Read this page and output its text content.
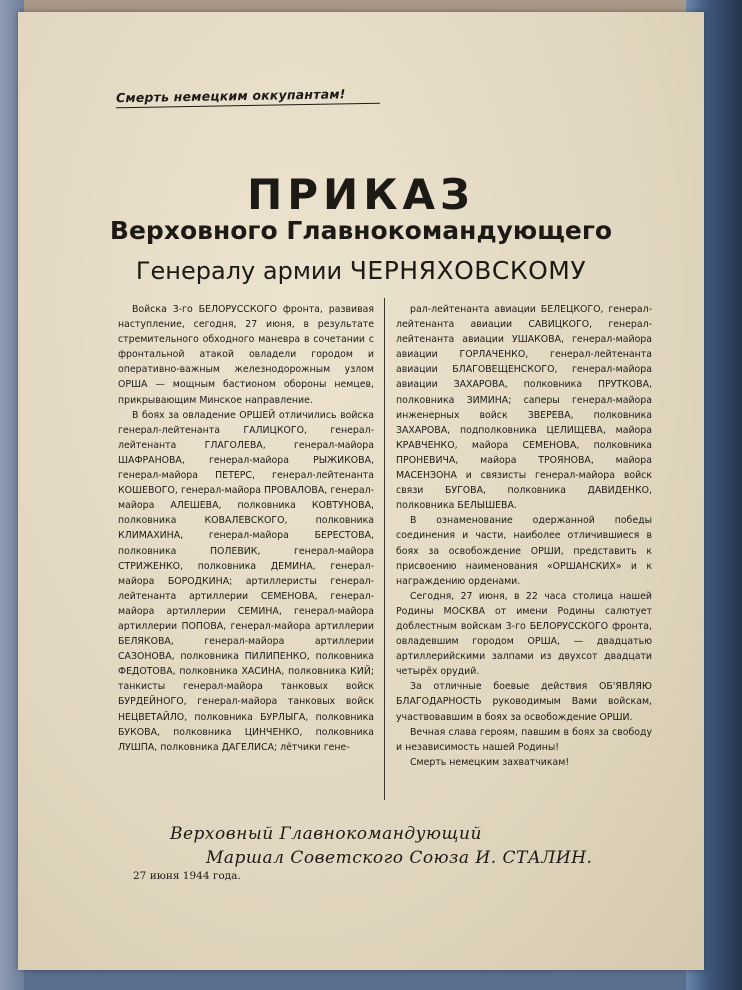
Смерть немецким оккупантам!
ПРИКАЗ
Верховного Главнокомандующего
Генералу армии ЧЕРНЯХОВСКОМУ

Войска 3-го БЕЛОРУССКОГО фронта, развивая наступление, сегодня, 27 июня, в результате стремительного обходного маневра в сочетании с фронтальной атакой овладели городом и оперативно-важным железнодорожным узлом ОРША — мощным бастионом обороны немцев, прикрывающим Минское направление.

В боях за овладение ОРШЕЙ отличились войска генерал-лейтенанта ГАЛИЦКОГО, генерал-лейтенанта ГЛАГОЛЕВА, генерал-майора ШАФРАНОВА, генерал-майора РЫЖИКОВА, генерал-майора ПЕТЕРС, генерал-лейтенанта КОШЕВОГО, генерал-майора ПРОВАЛОВА, генерал-майора АЛЕШЕВА, полковника КОВТУНОВА, полковника КОВАЛЕВСКОГО, полковника КЛИМАХИНА, генерал-майора БЕРЕСТОВА, полковника ПОЛЕВИК, генерал-майора СТРИЖЕНКО, полковника ДЕМИНА, генерал-майора БОРОДКИНА; артиллеристы генерал-лейтенанта артиллерии СЕМЕНОВА, генерал-майора артиллерии СЕМИНА, генерал-майора артиллерии ПОПОВА, генерал-майора артиллерии БЕЛЯКОВА, генерал-майора артиллерии САЗОНОВА, полковника ПИЛИПЕНКО, полковника ФЕДОТОВА, полковника ХАСИНА, полковника КИЙ; танкисты генерал-майора танковых войск БУРДЕЙНОГО, генерал-майора танковых войск НЕЦВЕТАЙЛО, полковника БУРЛЫГА, полковника БУКОВА, полковника ЦИНЧЕНКО, полковника ЛУШПА, полковника ДАГЕЛИСА; лётчики гене-

рал-лейтенанта авиации БЕЛЕЦКОГО, генерал-лейтенанта авиации САВИЦКОГО, генерал-лейтенанта авиации УШАКОВА, генерал-майора авиации ГОРЛАЧЕНКО, генерал-лейтенанта авиации БЛАГОВЕЩЕНСКОГО, генерал-майора авиации ЗАХАРОВА, полковника ПРУТКОВА, полковника ЗИМИНА; саперы генерал-майора инженерных войск ЗВЕРЕВА, полковника ЗАХАРОВА, подполковника ЦЕЛИЩЕВА, майора КРАВЧЕНКО, майора СЕМЕНОВА, полковника ПРОНЕВИЧА, майора ТРОЯНОВА, майора МАСЕНЗОНА и связисты генерал-майора войск связи БУГОВА, полковника ДАВИДЕНКО, полковника БЕЛЫШЕВА.

В ознаменование одержанной победы соединения и части, наиболее отличившиеся в боях за освобождение ОРШИ, представить к присвоению наименования «ОРШАНСКИХ» и к награждению орденами.

Сегодня, 27 июня, в 22 часа столица нашей Родины МОСКВА от имени Родины салютует доблестным войскам 3-го БЕЛОРУССКОГО фронта, овладевшим городом ОРША, — двадцатью артиллерийскими залпами из двухсот двадцати четырёх орудий.

За отличные боевые действия ОБ'ЯВЛЯЮ БЛАГОДАРНОСТЬ руководимым Вами войскам, участвовавшим в боях за освобождение ОРШИ.

Вечная слава героям, павшим в боях за свободу и независимость нашей Родины!

Смерть немецким захватчикам!

Верховный Главнокомандующий
Маршал Советского Союза И. СТАЛИН.
27 июня 1944 года.
